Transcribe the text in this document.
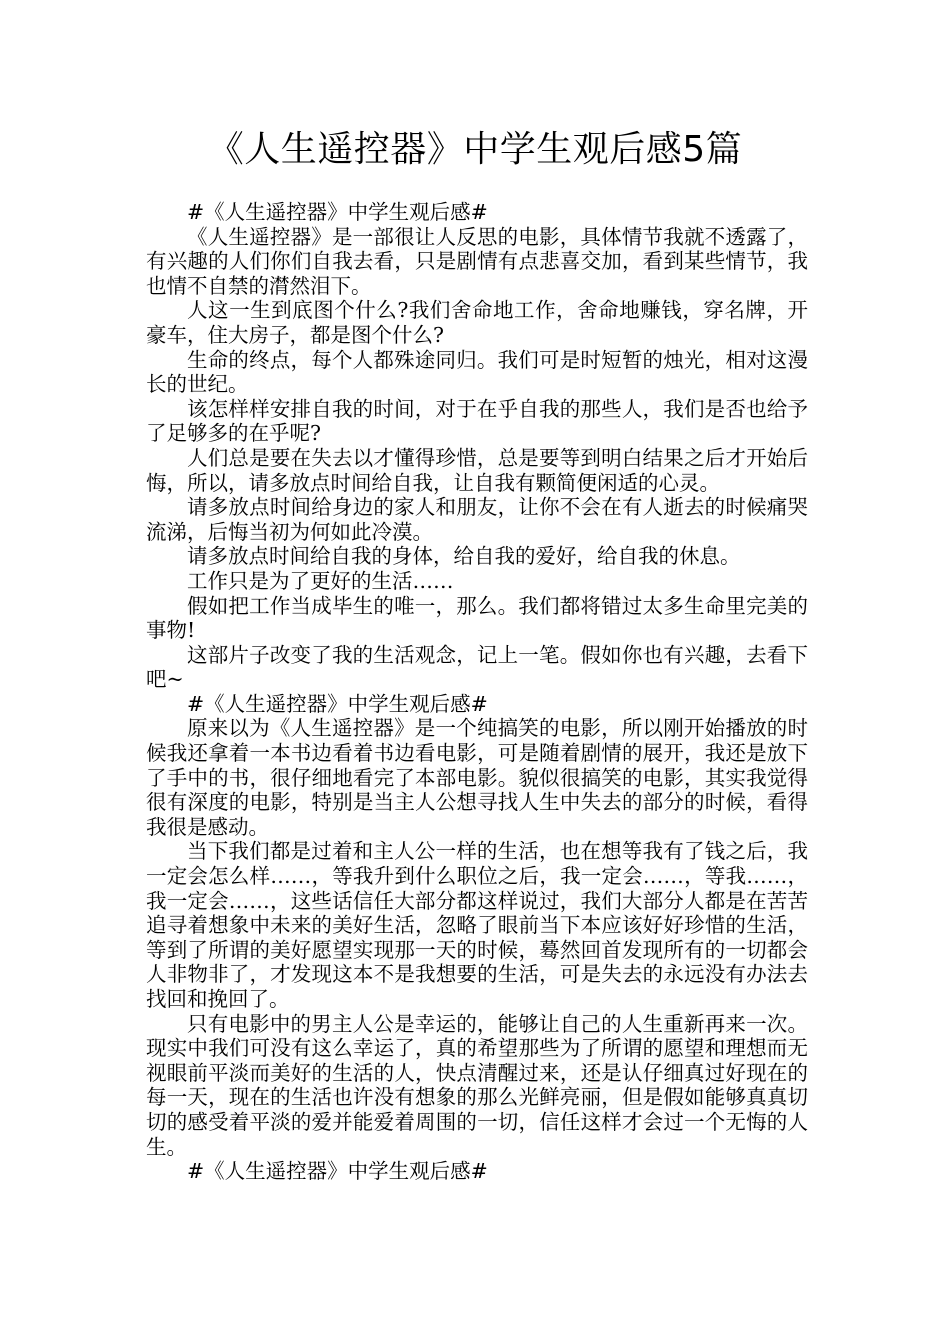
《人生遥控器》中学生观后感5篇

#《人生遥控器》中学生观后感#

《人生遥控器》是一部很让人反思的电影，具体情节我就不透露了，有兴趣的人们你们自我去看，只是剧情有点悲喜交加，看到某些情节，我也情不自禁的潸然泪下。

人这一生到底图个什么?我们舍命地工作，舍命地赚钱，穿名牌，开豪车，住大房子，都是图个什么?

生命的终点，每个人都殊途同归。我们可是时短暂的烛光，相对这漫长的世纪。

该怎样样安排自我的时间，对于在乎自我的那些人，我们是否也给予了足够多的在乎呢?

人们总是要在失去以才懂得珍惜，总是要等到明白结果之后才开始后悔，所以，请多放点时间给自我，让自我有颗简便闲适的心灵。

请多放点时间给身边的家人和朋友，让你不会在有人逝去的时候痛哭流涕，后悔当初为何如此冷漠。

请多放点时间给自我的身体，给自我的爱好，给自我的休息。

工作只是为了更好的生活……

假如把工作当成毕生的唯一，那么。我们都将错过太多生命里完美的事物!

这部片子改变了我的生活观念，记上一笔。假如你也有兴趣，去看下吧~

#《人生遥控器》中学生观后感#

原来以为《人生遥控器》是一个纯搞笑的电影，所以刚开始播放的时候我还拿着一本书边看着书边看电影，可是随着剧情的展开，我还是放下了手中的书，很仔细地看完了本部电影。貌似很搞笑的电影，其实我觉得很有深度的电影，特别是当主人公想寻找人生中失去的部分的时候，看得我很是感动。

当下我们都是过着和主人公一样的生活，也在想等我有了钱之后，我一定会怎么样……，等我升到什么职位之后，我一定会……，等我……，我一定会……，这些话信任大部分都这样说过，我们大部分人都是在苦苦追寻着想象中未来的美好生活，忽略了眼前当下本应该好好珍惜的生活，等到了所谓的美好愿望实现那一天的时候，蓦然回首发现所有的一切都会人非物非了，才发现这本不是我想要的生活，可是失去的永远没有办法去找回和挽回了。

只有电影中的男主人公是幸运的，能够让自己的人生重新再来一次。现实中我们可没有这么幸运了，真的希望那些为了所谓的愿望和理想而无视眼前平淡而美好的生活的人，快点清醒过来，还是认仔细真过好现在的每一天，现在的生活也许没有想象的那么光鲜亮丽，但是假如能够真真切切的感受着平淡的爱并能爱着周围的一切，信任这样才会过一个无悔的人生。

#《人生遥控器》中学生观后感#
